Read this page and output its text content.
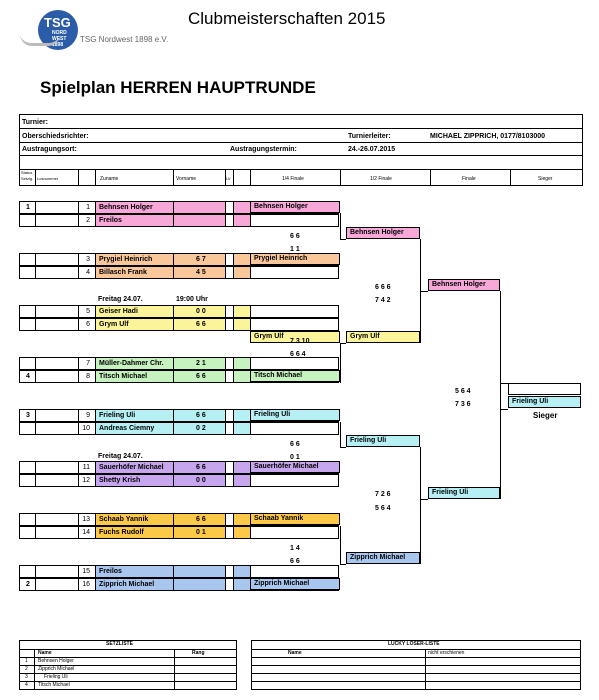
TSG
NORD
WEST
1898
TSG Nordwest 1898 e.V.
Clubmeisterschaften 2015
Spielplan HERREN HAUPTRUNDE
Turnier:
Oberschiedsrichter:	Turnierleiter:	MICHAEL ZIPPRICH, 0177/8103000
Austragungsort:	Austragungstermin:	24.-26.07.2015
Status
Setzlg. Losnummer	Zuname	Vorname	LV	1/4 Finale	1/2 Finale	Finale	Sieger
1	1 Behnsen Holger
2 Freilos
3 Prygiel Heinrich	6 7
4 Billasch Frank	4 5
5 Geiser Hadi	0 0
6 Grym Ulf	6 6
7 Müller-Dahmer Chr.	2 1
4	8 Titsch Michael	6 6
3	9 Frieling Uli	6 6
10 Andreas Ciemny	0 2
11 Sauerhöfer Michael	6 6
12 Shetty Krish	0 0
13 Schaab Yannik	6 6
14 Fuchs Rudolf	0 1
15 Freilos
2	16 Zipprich Michael
Behnsen Holger
Prygiel Heinrich
Grym Ulf
Titsch Michael
Frieling Uli
Sauerhöfer Michael
Schaab Yannik
Zipprich Michael
Behnsen Holger
Grym Ulf
Frieling Uli
Zipprich Michael
6 6
1 1
7 3 10
6 6 4
6 6
0 1
1 4
6 6
Behnsen Holger
Frieling Uli
6 6 6
7 4 2
7 2 6
5 6 4
Frieling Uli
5 6 4
7 3 6
Freitag 24.07.	19:00 Uhr
Freitag 24.07.
Sieger
SETZLISTE
Name	Rang
1 Behnsen Holger
2 Zipprich Michael
3	Frieling Uli
4 Titsch Michael
LUCKY LOSER-LISTE
Name	nicht erschienen
